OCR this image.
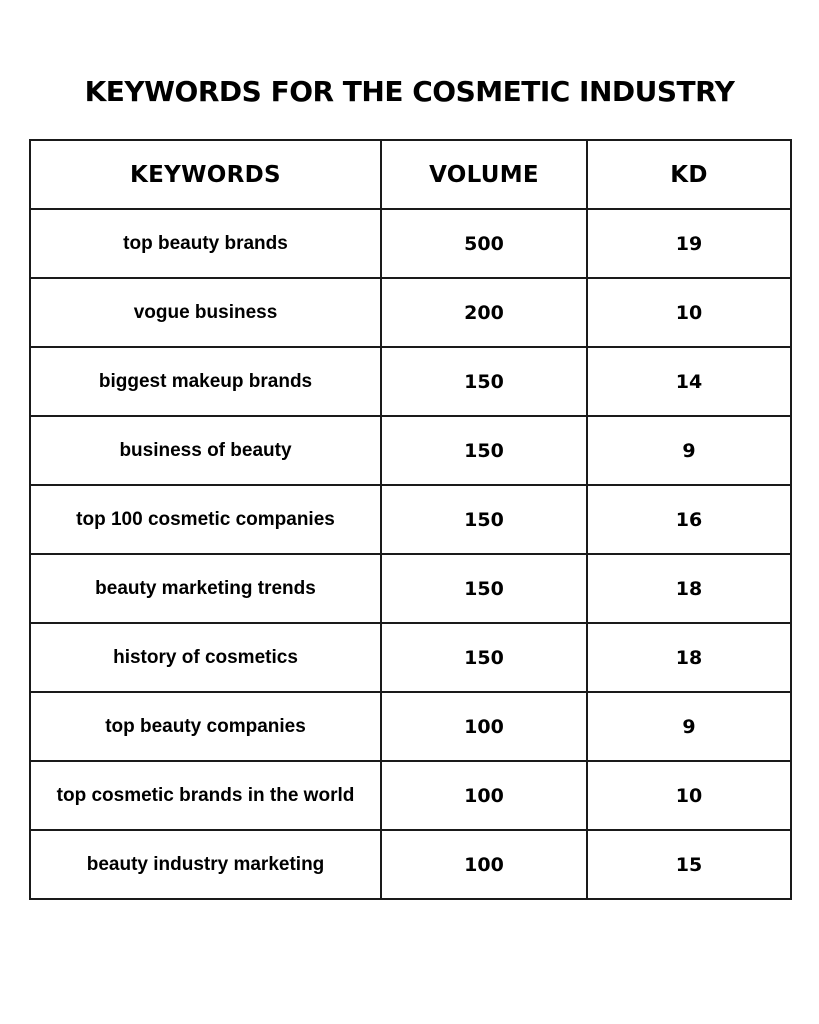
KEYWORDS FOR THE COSMETIC INDUSTRY
KEYWORDS	VOLUME	KD
top beauty brands	500	19
vogue business	200	10
biggest makeup brands	150	14
business of beauty	150	9
top 100 cosmetic companies	150	16
beauty marketing trends	150	18
history of cosmetics	150	18
top beauty companies	100	9
top cosmetic brands in the world	100	10
beauty industry marketing	100	15
